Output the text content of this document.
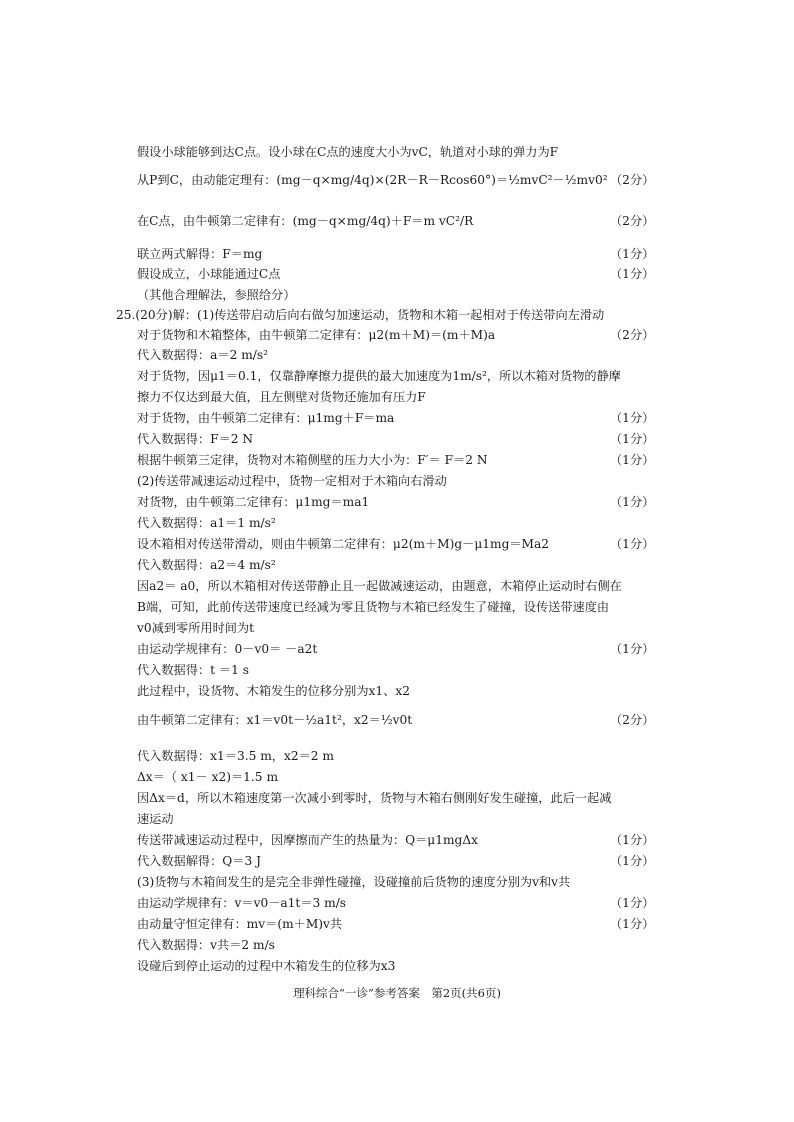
假设小球能够到达C点。设小球在C点的速度大小为vC，轨道对小球的弹力为F
从P到C，由动能定理有：(mg－q×mg/4q)×(2R－R－Rcos60°)＝½mvC²－½mv0² （2分）
在C点，由牛顿第二定律有：(mg－q×mg/4q)＋F＝m vC²/R	（2分）
联立两式解得：F＝mg	（1分）
假设成立，小球能通过C点	（1分）
（其他合理解法，参照给分）
25.(20分)解：(1)传送带启动后向右做匀加速运动，货物和木箱一起相对于传送带向左滑动
对于货物和木箱整体，由牛顿第二定律有：μ2(m＋M)＝(m＋M)a	（2分）
代入数据得：a＝2 m/s²
对于货物，因μ1＝0.1，仅靠静摩擦力提供的最大加速度为1m/s²，所以木箱对货物的静摩
擦力不仅达到最大值，且左侧壁对货物还施加有压力F
对于货物，由牛顿第二定律有：μ1mg＋F＝ma	（1分）
代入数据得：F＝2 N	（1分）
根据牛顿第三定律，货物对木箱侧壁的压力大小为：F′＝ F＝2 N	（1分）
(2)传送带减速运动过程中，货物一定相对于木箱向右滑动
对货物，由牛顿第二定律有：μ1mg＝ma1	（1分）
代入数据得：a1＝1 m/s²
设木箱相对传送带滑动，则由牛顿第二定律有：μ2(m＋M)g－μ1mg＝Ma2	（1分）
代入数据得：a2＝4 m/s²
因a2＝ a0，所以木箱相对传送带静止且一起做减速运动，由题意，木箱停止运动时右侧在
B端，可知，此前传送带速度已经减为零且货物与木箱已经发生了碰撞，设传送带速度由
v0减到零所用时间为t
由运动学规律有：0－v0＝ －a2t	（1分）
代入数据得：t ＝1 s
此过程中，设货物、木箱发生的位移分别为x1、x2
由牛顿第二定律有：x1＝v0t－½a1t²，x2＝½v0t	（2分）
代入数据得：x1＝3.5 m，x2＝2 m
Δx＝（ x1－ x2)＝1.5 m
因Δx＝d，所以木箱速度第一次减小到零时，货物与木箱右侧刚好发生碰撞，此后一起减
速运动
传送带减速运动过程中，因摩擦而产生的热量为：Q＝μ1mgΔx	（1分）
代入数据解得：Q＝3 J	（1分）
(3)货物与木箱间发生的是完全非弹性碰撞，设碰撞前后货物的速度分别为v和v共
由运动学规律有：v＝v0－a1t＝3 m/s	（1分）
由动量守恒定律有：mv＝(m＋M)v共	（1分）
代入数据得：v共＝2 m/s
设碰后到停止运动的过程中木箱发生的位移为x3
理科综合“一诊”参考答案　第2页(共6页)
